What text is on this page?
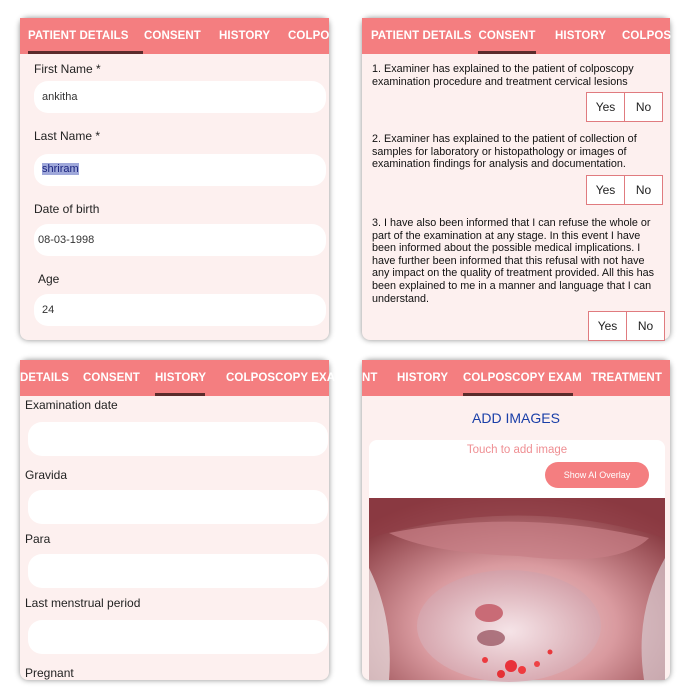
PATIENT DETAILS	CONSENT HISTORY COLPO
First Name *
ankitha
Last Name *
shriram
Date of birth
08-03-1998
Age
24
PATIENT DETAILS CONSENT HISTORY COLPOS
1. Examiner has explained to the patient of colposcopy examination procedure and treatment cervical lesions
Yes	No
2. Examiner has explained to the patient of collection of samples for laboratory or histopathology or images of examination findings for analysis and documentation.
Yes	No
3. I have also been informed that I can refuse the whole or part of the examination at any stage. In this event I have been informed about the possible medical implications. I have further been informed that this refusal with not have any impact on the quality of treatment provided. All this has been explained to me in a manner and language that I can understand.
Yes	No
DETAILS CONSENT HISTORY COLPOSCOPY EXAM
Examination date
Gravida
Para
Last menstrual period
Pregnant
NT HISTORY COLPOSCOPY EXAM TREATMENT
ADD IMAGES
Touch to add image
Show AI Overlay
